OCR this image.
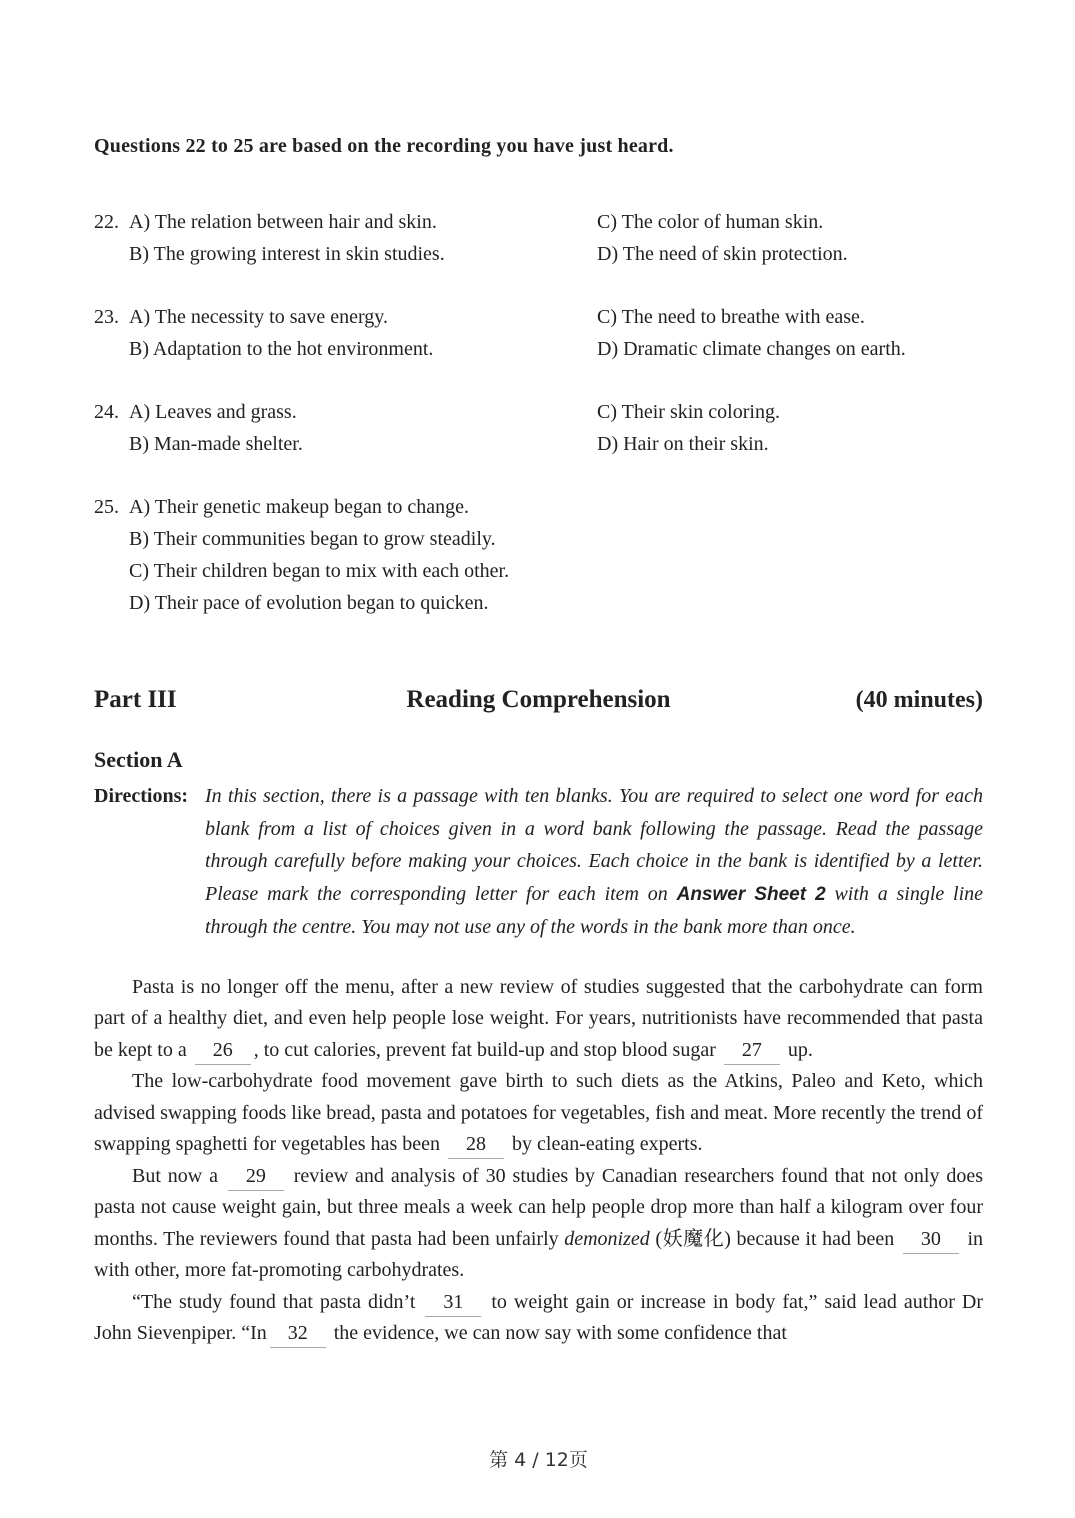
Questions 22 to 25 are based on the recording you have just heard.

22. A) The relation between hair and skin.
B) The growing interest in skin studies.
C) The color of human skin.
D) The need of skin protection.
23. A) The necessity to save energy.
B) Adaptation to the hot environment.
C) The need to breathe with ease.
D) Dramatic climate changes on earth.
24. A) Leaves and grass.
B) Man-made shelter.
C) Their skin coloring.
D) Hair on their skin.
25. A) Their genetic makeup began to change.
B) Their communities began to grow steadily.
C) Their children began to mix with each other.
D) Their pace of evolution began to quicken.
Part III	Reading Comprehension	(40 minutes)
Section A
Directions: In this section, there is a passage with ten blanks. You are required to select one word for each blank from a list of choices given in a word bank following the passage. Read the passage through carefully before making your choices. Each choice in the bank is identified by a letter. Please mark the corresponding letter for each item on Answer Sheet 2 with a single line through the centre. You may not use any of the words in the bank more than once.

Pasta is no longer off the menu, after a new review of studies suggested that the carbohydrate can form part of a healthy diet, and even help people lose weight. For years, nutritionists have recommended that pasta be kept to a 26 , to cut calories, prevent fat build-up and stop blood sugar 27 up.

The low-carbohydrate food movement gave birth to such diets as the Atkins, Paleo and Keto, which advised swapping foods like bread, pasta and potatoes for vegetables, fish and meat. More recently the trend of swapping spaghetti for vegetables has been 28 by clean-eating experts.

But now a 29 review and analysis of 30 studies by Canadian researchers found that not only does pasta not cause weight gain, but three meals a week can help people drop more than half a kilogram over four months. The reviewers found that pasta had been unfairly demonized (妖魔化) because it had been 30 in with other, more fat-promoting carbohydrates.

“The study found that pasta didn’t 31 to weight gain or increase in body fat,” said lead author Dr John Sievenpiper. “In 32 the evidence, we can now say with some confidence that

第 4 / 12页
